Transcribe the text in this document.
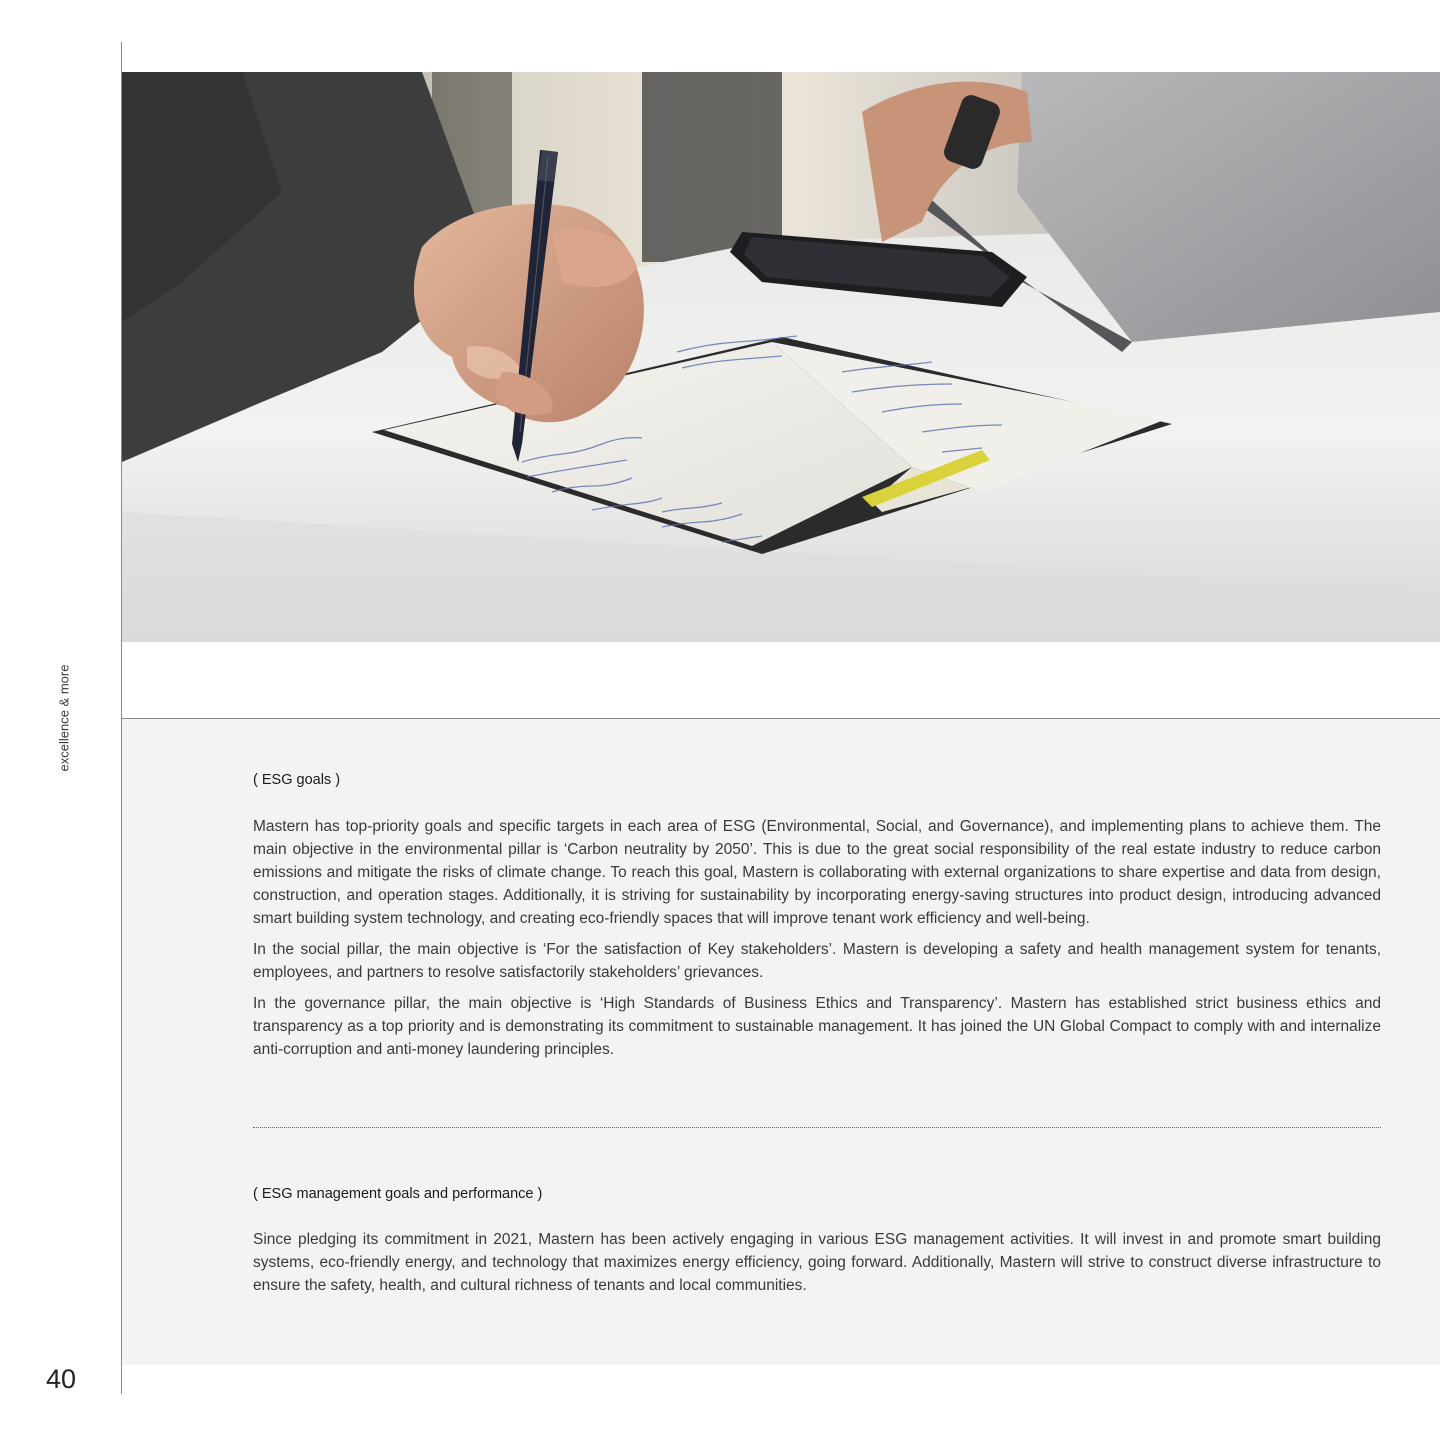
excellence & more
40
( ESG goals )

Mastern has top-priority goals and specific targets in each area of ESG (Environmental, Social, and Governance), and implementing plans to achieve them. The main objective in the environmental pillar is ‘Carbon neutrality by 2050’. This is due to the great social responsibility of the real estate industry to reduce carbon emissions and mitigate the risks of climate change. To reach this goal, Mastern is collaborating with external organizations to share expertise and data from design, construction, and operation stages. Additionally, it is striving for sustainability by incorporating energy-saving structures into product design, introducing advanced smart building system technology, and creating eco-friendly spaces that will improve tenant work efficiency and well-being.

In the social pillar, the main objective is ‘For the satisfaction of Key stakeholders’. Mastern is developing a safety and health management system for tenants, employees, and partners to resolve satisfactorily stakeholders’ grievances.

In the governance pillar, the main objective is ‘High Standards of Business Ethics and Transparency’. Mastern has established strict business ethics and transparency as a top priority and is demonstrating its commitment to sustainable management. It has joined the UN Global Compact to comply with and internalize anti-corruption and anti-money laundering principles.

( ESG management goals and performance )

Since pledging its commitment in 2021, Mastern has been actively engaging in various ESG management activities. It will invest in and promote smart building systems, eco-friendly energy, and technology that maximizes energy efficiency, going forward. Additionally, Mastern will strive to construct diverse infrastructure to ensure the safety, health, and cultural richness of tenants and local communities.
